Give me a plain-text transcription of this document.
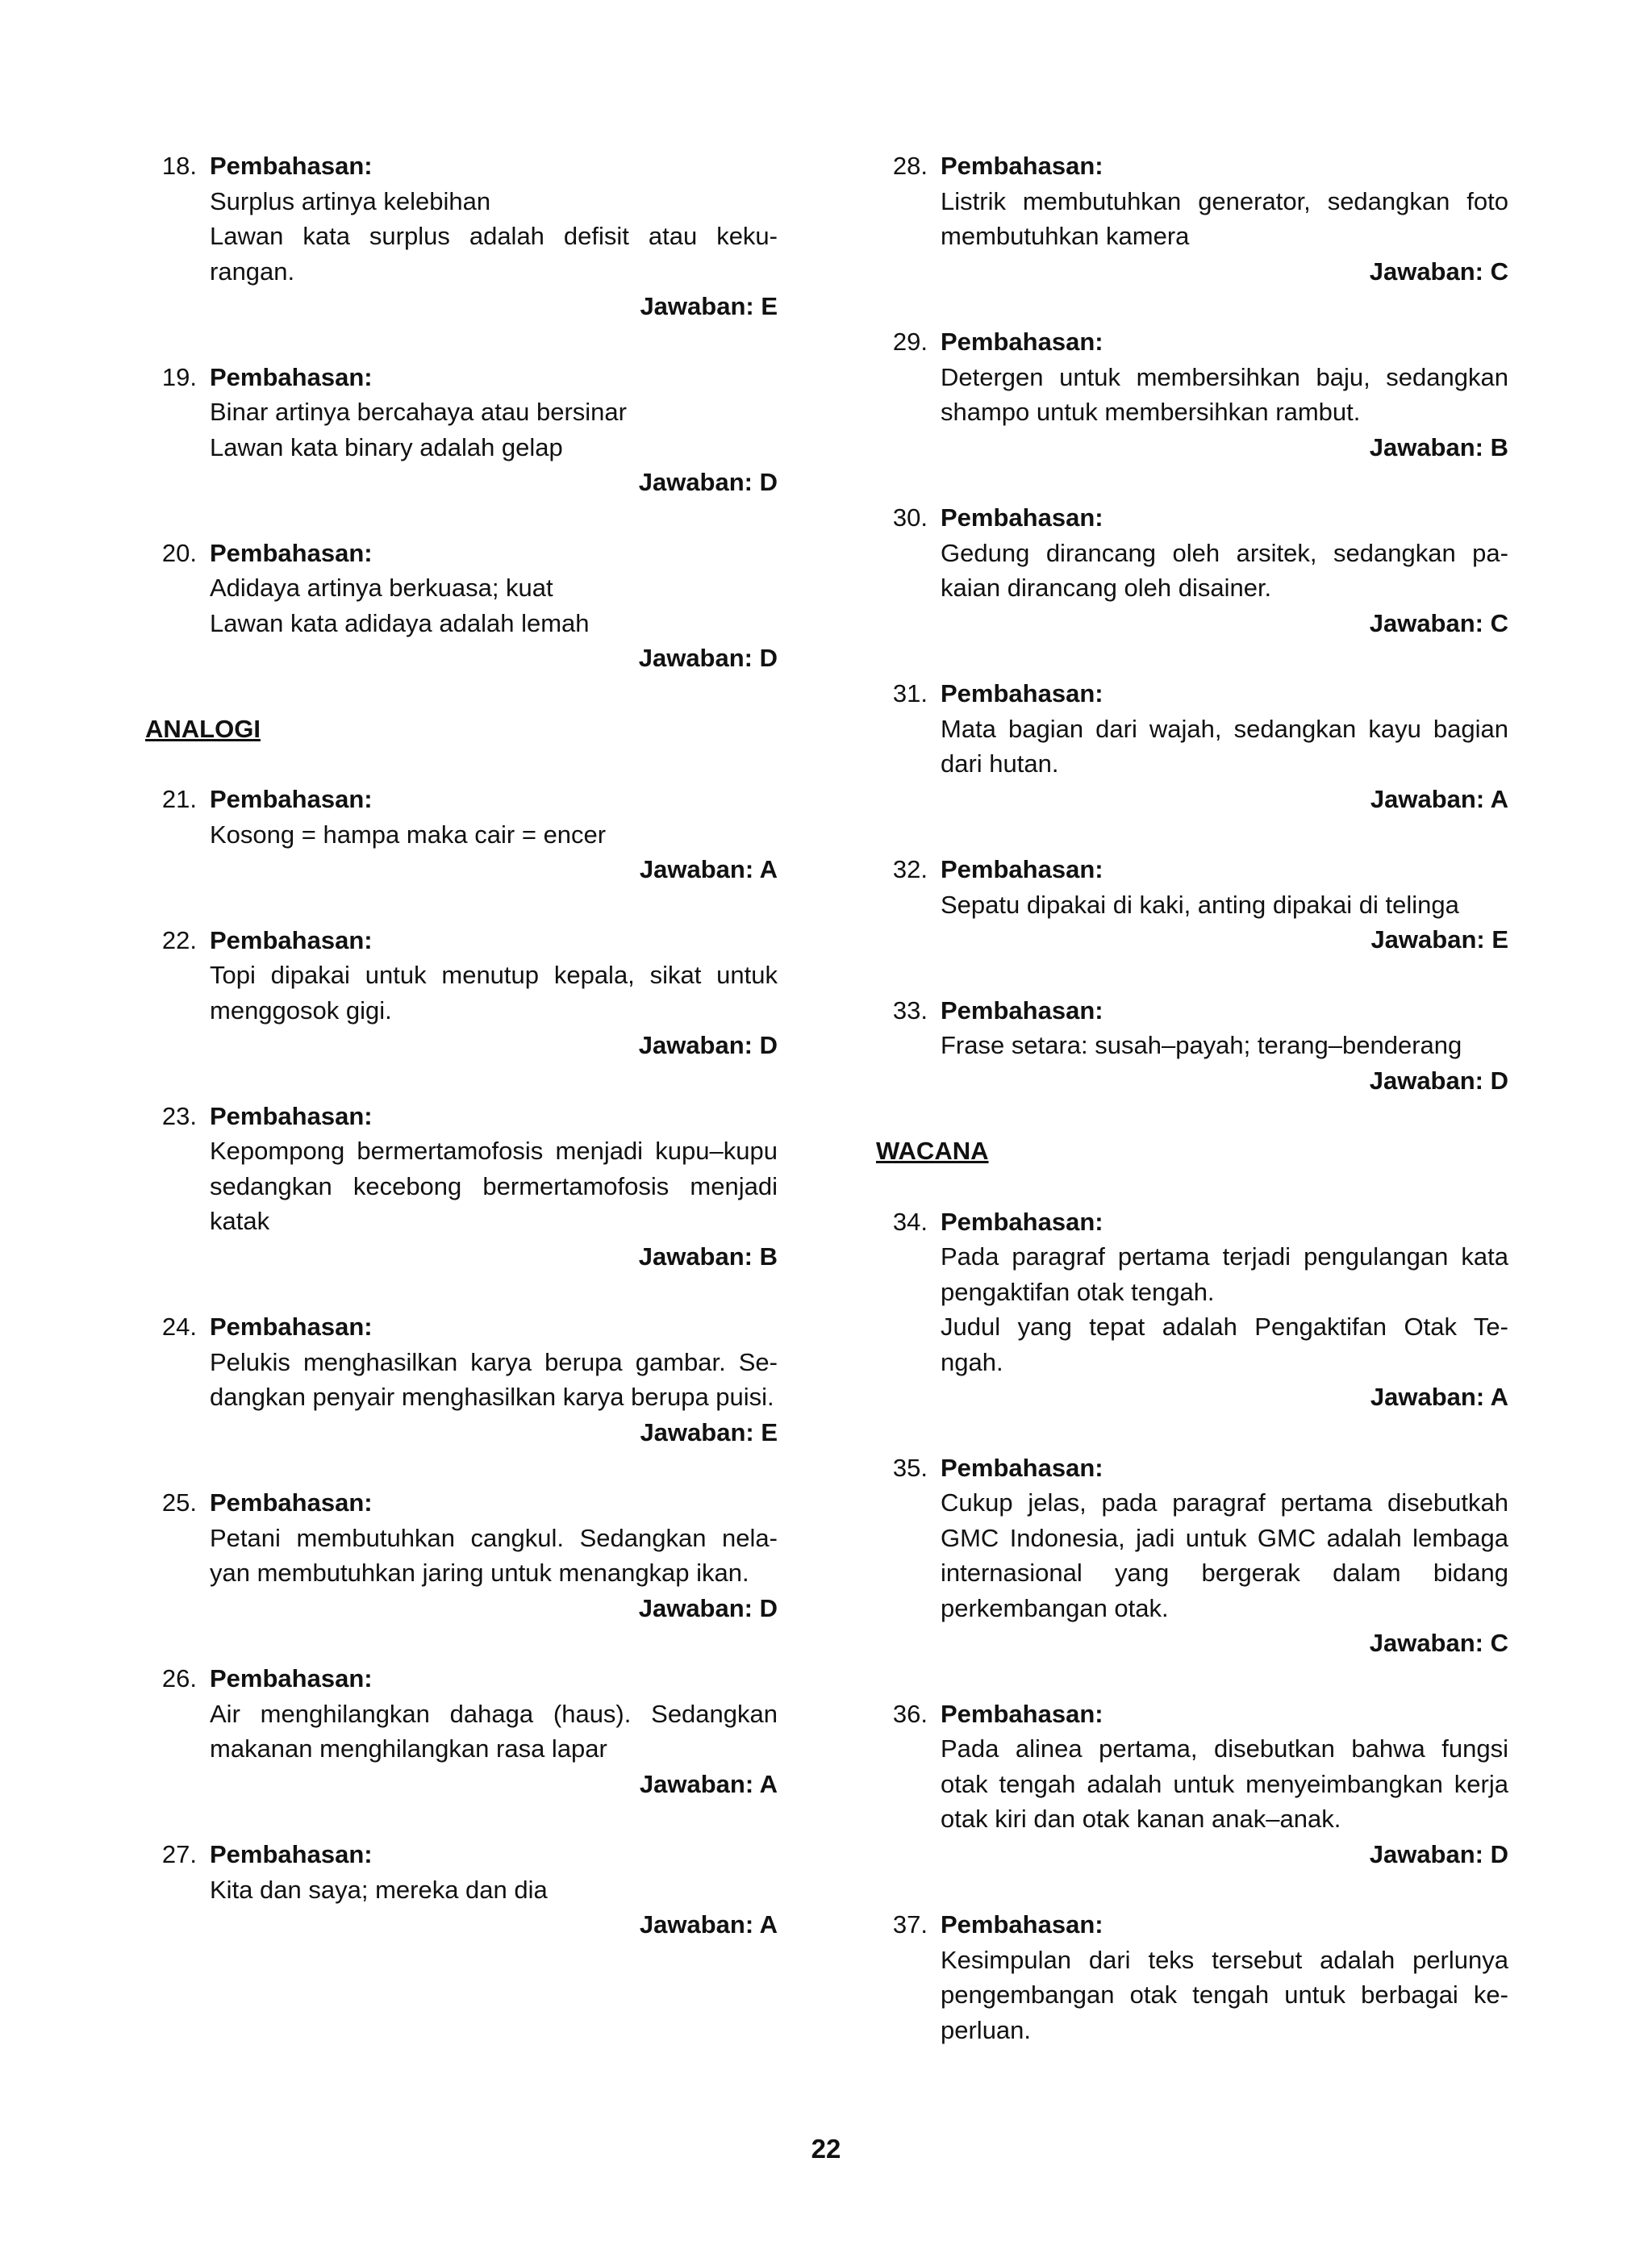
18. Pembahasan:
Surplus artinya kelebihan
Lawan kata surplus adalah defisit atau keku-rangan.
Jawaban: E
19. Pembahasan:
Binar artinya bercahaya atau bersinar
Lawan kata binary adalah gelap
Jawaban: D
20. Pembahasan:
Adidaya artinya berkuasa; kuat
Lawan kata adidaya adalah lemah
Jawaban: D
ANALOGI
21. Pembahasan:
Kosong = hampa maka cair = encer
Jawaban: A
22. Pembahasan:
Topi dipakai untuk menutup kepala, sikat untuk menggosok gigi.
Jawaban: D
23. Pembahasan:
Kepompong bermertamofosis menjadi kupu–kupu sedangkan kecebong bermertamofosis menjadi katak
Jawaban: B
24. Pembahasan:
Pelukis menghasilkan karya berupa gambar. Se-dangkan penyair menghasilkan karya berupa puisi.
Jawaban: E
25. Pembahasan:
Petani membutuhkan cangkul. Sedangkan nela-yan membutuhkan jaring untuk menangkap ikan.
Jawaban: D
26. Pembahasan:
Air menghilangkan dahaga (haus). Sedangkan makanan menghilangkan rasa lapar
Jawaban: A
27. Pembahasan:
Kita dan saya; mereka dan dia
Jawaban: A
28. Pembahasan:
Listrik membutuhkan generator, sedangkan foto membutuhkan kamera
Jawaban: C
29. Pembahasan:
Detergen untuk membersihkan baju, sedangkan shampo untuk membersihkan rambut.
Jawaban: B
30. Pembahasan:
Gedung dirancang oleh arsitek, sedangkan pa-kaian dirancang oleh disainer.
Jawaban: C
31. Pembahasan:
Mata bagian dari wajah, sedangkan kayu bagian dari hutan.
Jawaban: A
32. Pembahasan:
Sepatu dipakai di kaki, anting dipakai di telinga
Jawaban: E
33. Pembahasan:
Frase setara: susah–payah; terang–benderang
Jawaban: D
WACANA
34. Pembahasan:
Pada paragraf pertama terjadi pengulangan kata pengaktifan otak tengah.
Judul yang tepat adalah Pengaktifan Otak Te-ngah.
Jawaban: A
35. Pembahasan:
Cukup jelas, pada paragraf pertama disebutkah GMC Indonesia, jadi untuk GMC adalah lembaga internasional yang bergerak dalam bidang perkembangan otak.
Jawaban: C
36. Pembahasan:
Pada alinea pertama, disebutkan bahwa fungsi otak tengah adalah untuk menyeimbangkan kerja otak kiri dan otak kanan anak–anak.
Jawaban: D
37. Pembahasan:
Kesimpulan dari teks tersebut adalah perlunya pengembangan otak tengah untuk berbagai ke-perluan.
22
